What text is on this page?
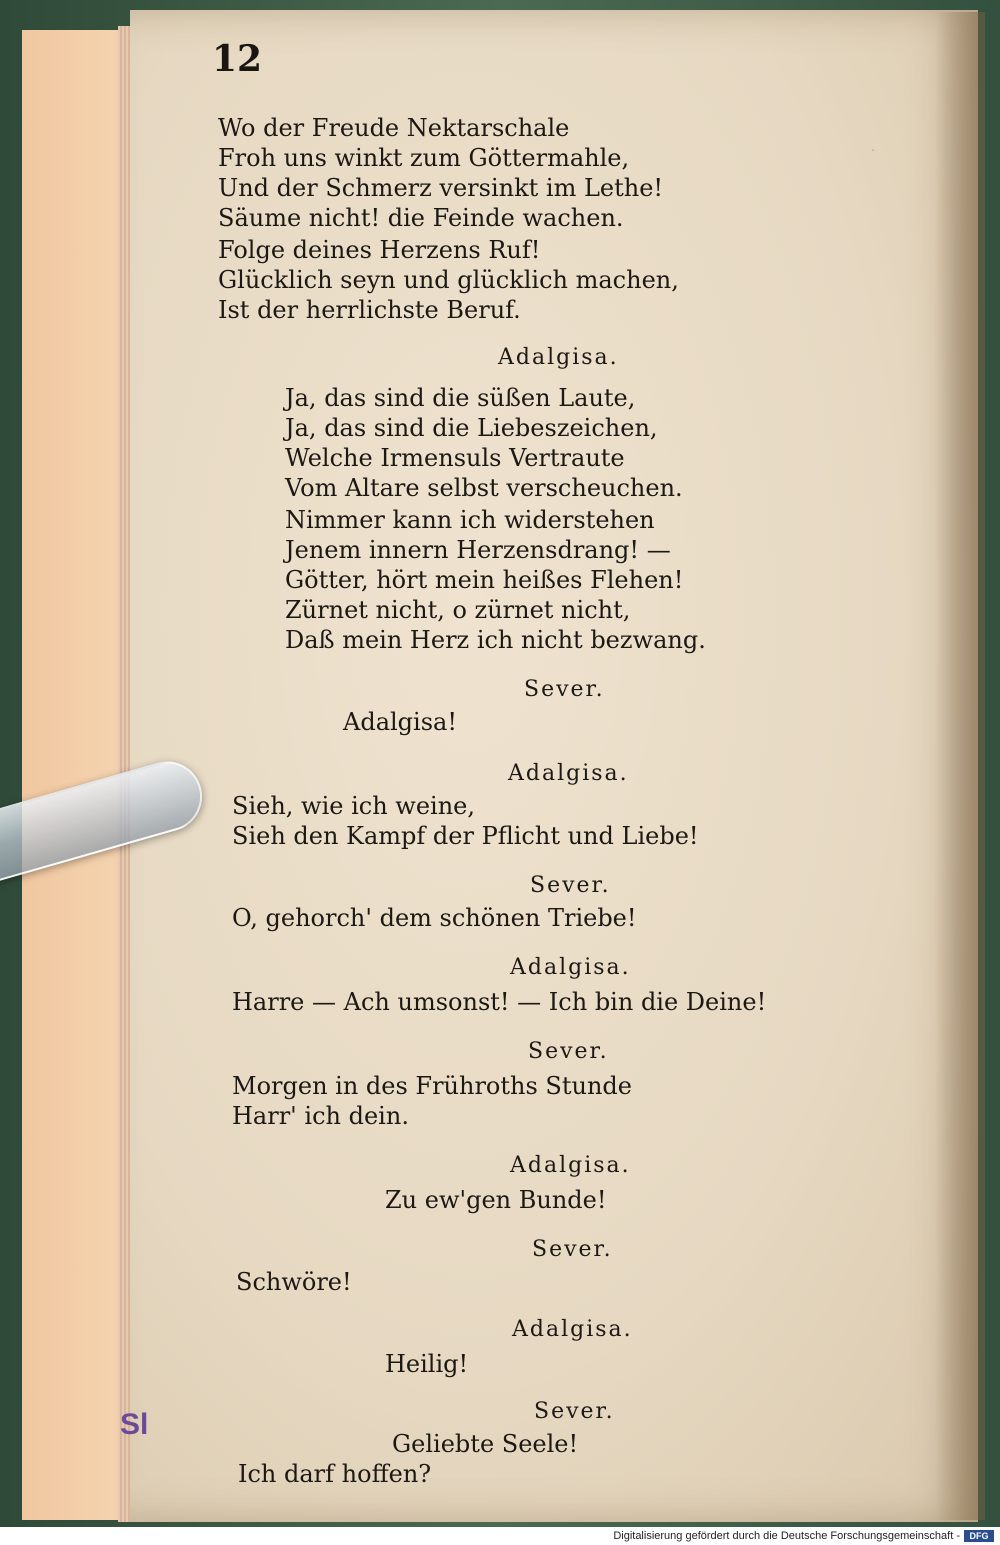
.
12
Wo der Freude Nektarschale
Froh uns winkt zum Göttermahle,
Und der Schmerz versinkt im Lethe!
Säume nicht! die Feinde wachen.
Folge deines Herzens Ruf!
Glücklich seyn und glücklich machen,
Ist der herrlichste Beruf.
Adalgisa.
Ja, das sind die süßen Laute,
Ja, das sind die Liebeszeichen,
Welche Irmensuls Vertraute
Vom Altare selbst verscheuchen.
Nimmer kann ich widerstehen
Jenem innern Herzensdrang! —
Götter, hört mein heißes Flehen!
Zürnet nicht, o zürnet nicht,
Daß mein Herz ich nicht bezwang.
Sever.
Adalgisa!
Adalgisa.
Sieh, wie ich weine,
Sieh den Kampf der Pflicht und Liebe!
Sever.
O, gehorch' dem schönen Triebe!
Adalgisa.
Harre — Ach umsonst! — Ich bin die Deine!
Sever.
Morgen in des Frühroths Stunde
Harr' ich dein.
Adalgisa.
Zu ew'gen Bunde!
Sever.
Schwöre!
Adalgisa.
Heilig!
Sever.
Geliebte Seele!
Ich darf hoffen?
Sl
Digitalisierung gefördert durch die Deutsche Forschungsgemeinschaft -	DFG
